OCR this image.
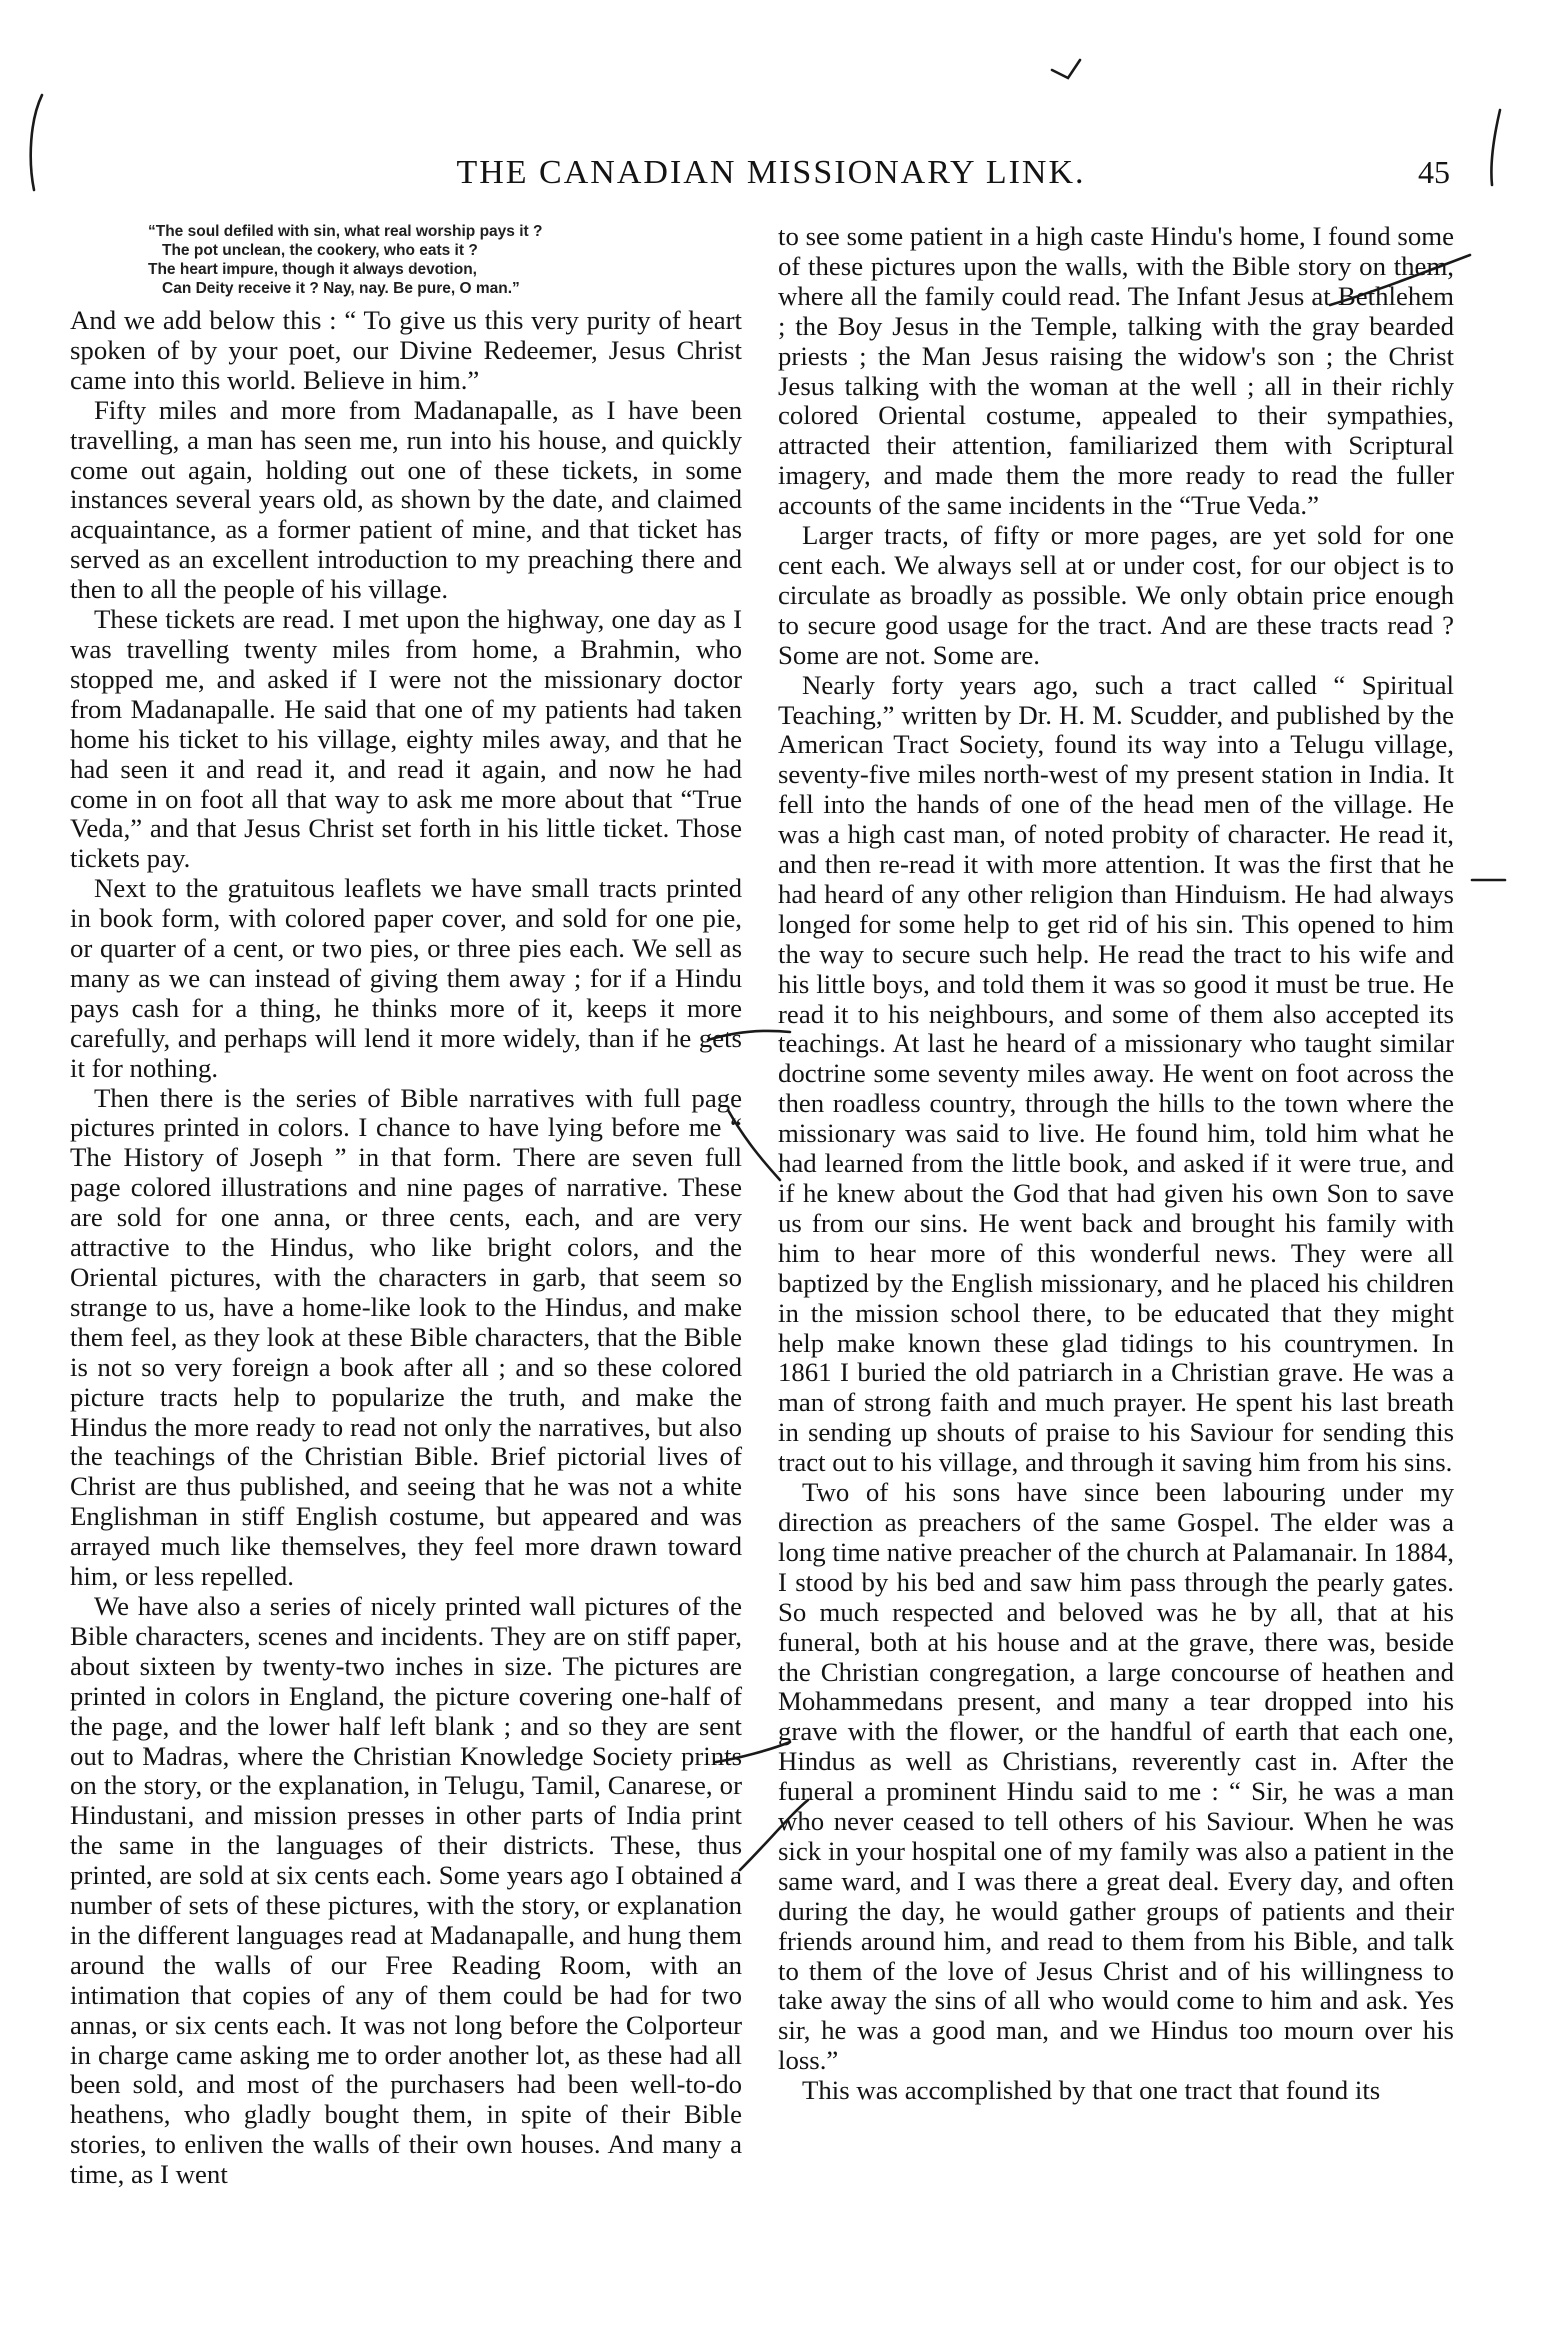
THE CANADIAN MISSIONARY LINK.	45
“The soul defiled with sin, what real worship pays it ?
The pot unclean, the cookery, who eats it ?
The heart impure, though it always devotion,
Can Deity receive it ? Nay, nay. Be pure, O man.”

And we add below this : “ To give us this very purity of heart spoken of by your poet, our Divine Redeemer, Jesus Christ came into this world. Believe in him.”

Fifty miles and more from Madanapalle, as I have been travelling, a man has seen me, run into his house, and quickly come out again, holding out one of these tickets, in some instances several years old, as shown by the date, and claimed acquaintance, as a former patient of mine, and that ticket has served as an excellent introduction to my preaching there and then to all the people of his village.

These tickets are read. I met upon the highway, one day as I was travelling twenty miles from home, a Brahmin, who stopped me, and asked if I were not the missionary doctor from Madanapalle. He said that one of my patients had taken home his ticket to his village, eighty miles away, and that he had seen it and read it, and read it again, and now he had come in on foot all that way to ask me more about that “True Veda,” and that Jesus Christ set forth in his little ticket. Those tickets pay.

Next to the gratuitous leaflets we have small tracts printed in book form, with colored paper cover, and sold for one pie, or quarter of a cent, or two pies, or three pies each. We sell as many as we can instead of giving them away ; for if a Hindu pays cash for a thing, he thinks more of it, keeps it more carefully, and perhaps will lend it more widely, than if he gets it for nothing.

Then there is the series of Bible narratives with full page pictures printed in colors. I chance to have lying before me “ The History of Joseph ” in that form. There are seven full page colored illustrations and nine pages of narrative. These are sold for one anna, or three cents, each, and are very attractive to the Hindus, who like bright colors, and the Oriental pictures, with the characters in garb, that seem so strange to us, have a home-like look to the Hindus, and make them feel, as they look at these Bible characters, that the Bible is not so very foreign a book after all ; and so these colored picture tracts help to popularize the truth, and make the Hindus the more ready to read not only the narratives, but also the teachings of the Christian Bible. Brief pictorial lives of Christ are thus published, and seeing that he was not a white Englishman in stiff English costume, but appeared and was arrayed much like themselves, they feel more drawn toward him, or less repelled.

We have also a series of nicely printed wall pictures of the Bible characters, scenes and incidents. They are on stiff paper, about sixteen by twenty-two inches in size. The pictures are printed in colors in England, the picture covering one-half of the page, and the lower half left blank ; and so they are sent out to Madras, where the Christian Knowledge Society prints on the story, or the explanation, in Telugu, Tamil, Canarese, or Hindustani, and mission presses in other parts of India print the same in the languages of their districts. These, thus printed, are sold at six cents each. Some years ago I obtained a number of sets of these pictures, with the story, or explanation in the different languages read at Madanapalle, and hung them around the walls of our Free Reading Room, with an intimation that copies of any of them could be had for two annas, or six cents each. It was not long before the Colporteur in charge came asking me to order another lot, as these had all been sold, and most of the purchasers had been well-to-do heathens, who gladly bought them, in spite of their Bible stories, to enliven the walls of their own houses. And many a time, as I went

to see some patient in a high caste Hindu's home, I found some of these pictures upon the walls, with the Bible story on them, where all the family could read. The Infant Jesus at Bethlehem ; the Boy Jesus in the Temple, talking with the gray bearded priests ; the Man Jesus raising the widow's son ; the Christ Jesus talking with the woman at the well ; all in their richly colored Oriental costume, appealed to their sympathies, attracted their attention, familiarized them with Scriptural imagery, and made them the more ready to read the fuller accounts of the same incidents in the “True Veda.”

Larger tracts, of fifty or more pages, are yet sold for one cent each. We always sell at or under cost, for our object is to circulate as broadly as possible. We only obtain price enough to secure good usage for the tract. And are these tracts read ? Some are not. Some are.

Nearly forty years ago, such a tract called “ Spiritual Teaching,” written by Dr. H. M. Scudder, and published by the American Tract Society, found its way into a Telugu village, seventy-five miles north-west of my present station in India. It fell into the hands of one of the head men of the village. He was a high cast man, of noted probity of character. He read it, and then re-read it with more attention. It was the first that he had heard of any other religion than Hinduism. He had always longed for some help to get rid of his sin. This opened to him the way to secure such help. He read the tract to his wife and his little boys, and told them it was so good it must be true. He read it to his neighbours, and some of them also accepted its teachings. At last he heard of a missionary who taught similar doctrine some seventy miles away. He went on foot across the then roadless country, through the hills to the town where the missionary was said to live. He found him, told him what he had learned from the little book, and asked if it were true, and if he knew about the God that had given his own Son to save us from our sins. He went back and brought his family with him to hear more of this wonderful news. They were all baptized by the English missionary, and he placed his children in the mission school there, to be educated that they might help make known these glad tidings to his countrymen. In 1861 I buried the old patriarch in a Christian grave. He was a man of strong faith and much prayer. He spent his last breath in sending up shouts of praise to his Saviour for sending this tract out to his village, and through it saving him from his sins.

Two of his sons have since been labouring under my direction as preachers of the same Gospel. The elder was a long time native preacher of the church at Palamanair. In 1884, I stood by his bed and saw him pass through the pearly gates. So much respected and beloved was he by all, that at his funeral, both at his house and at the grave, there was, beside the Christian congregation, a large concourse of heathen and Mohammedans present, and many a tear dropped into his grave with the flower, or the handful of earth that each one, Hindus as well as Christians, reverently cast in. After the funeral a prominent Hindu said to me : “ Sir, he was a man who never ceased to tell others of his Saviour. When he was sick in your hospital one of my family was also a patient in the same ward, and I was there a great deal. Every day, and often during the day, he would gather groups of patients and their friends around him, and read to them from his Bible, and talk to them of the love of Jesus Christ and of his willingness to take away the sins of all who would come to him and ask. Yes sir, he was a good man, and we Hindus too mourn over his loss.”

This was accomplished by that one tract that found its
